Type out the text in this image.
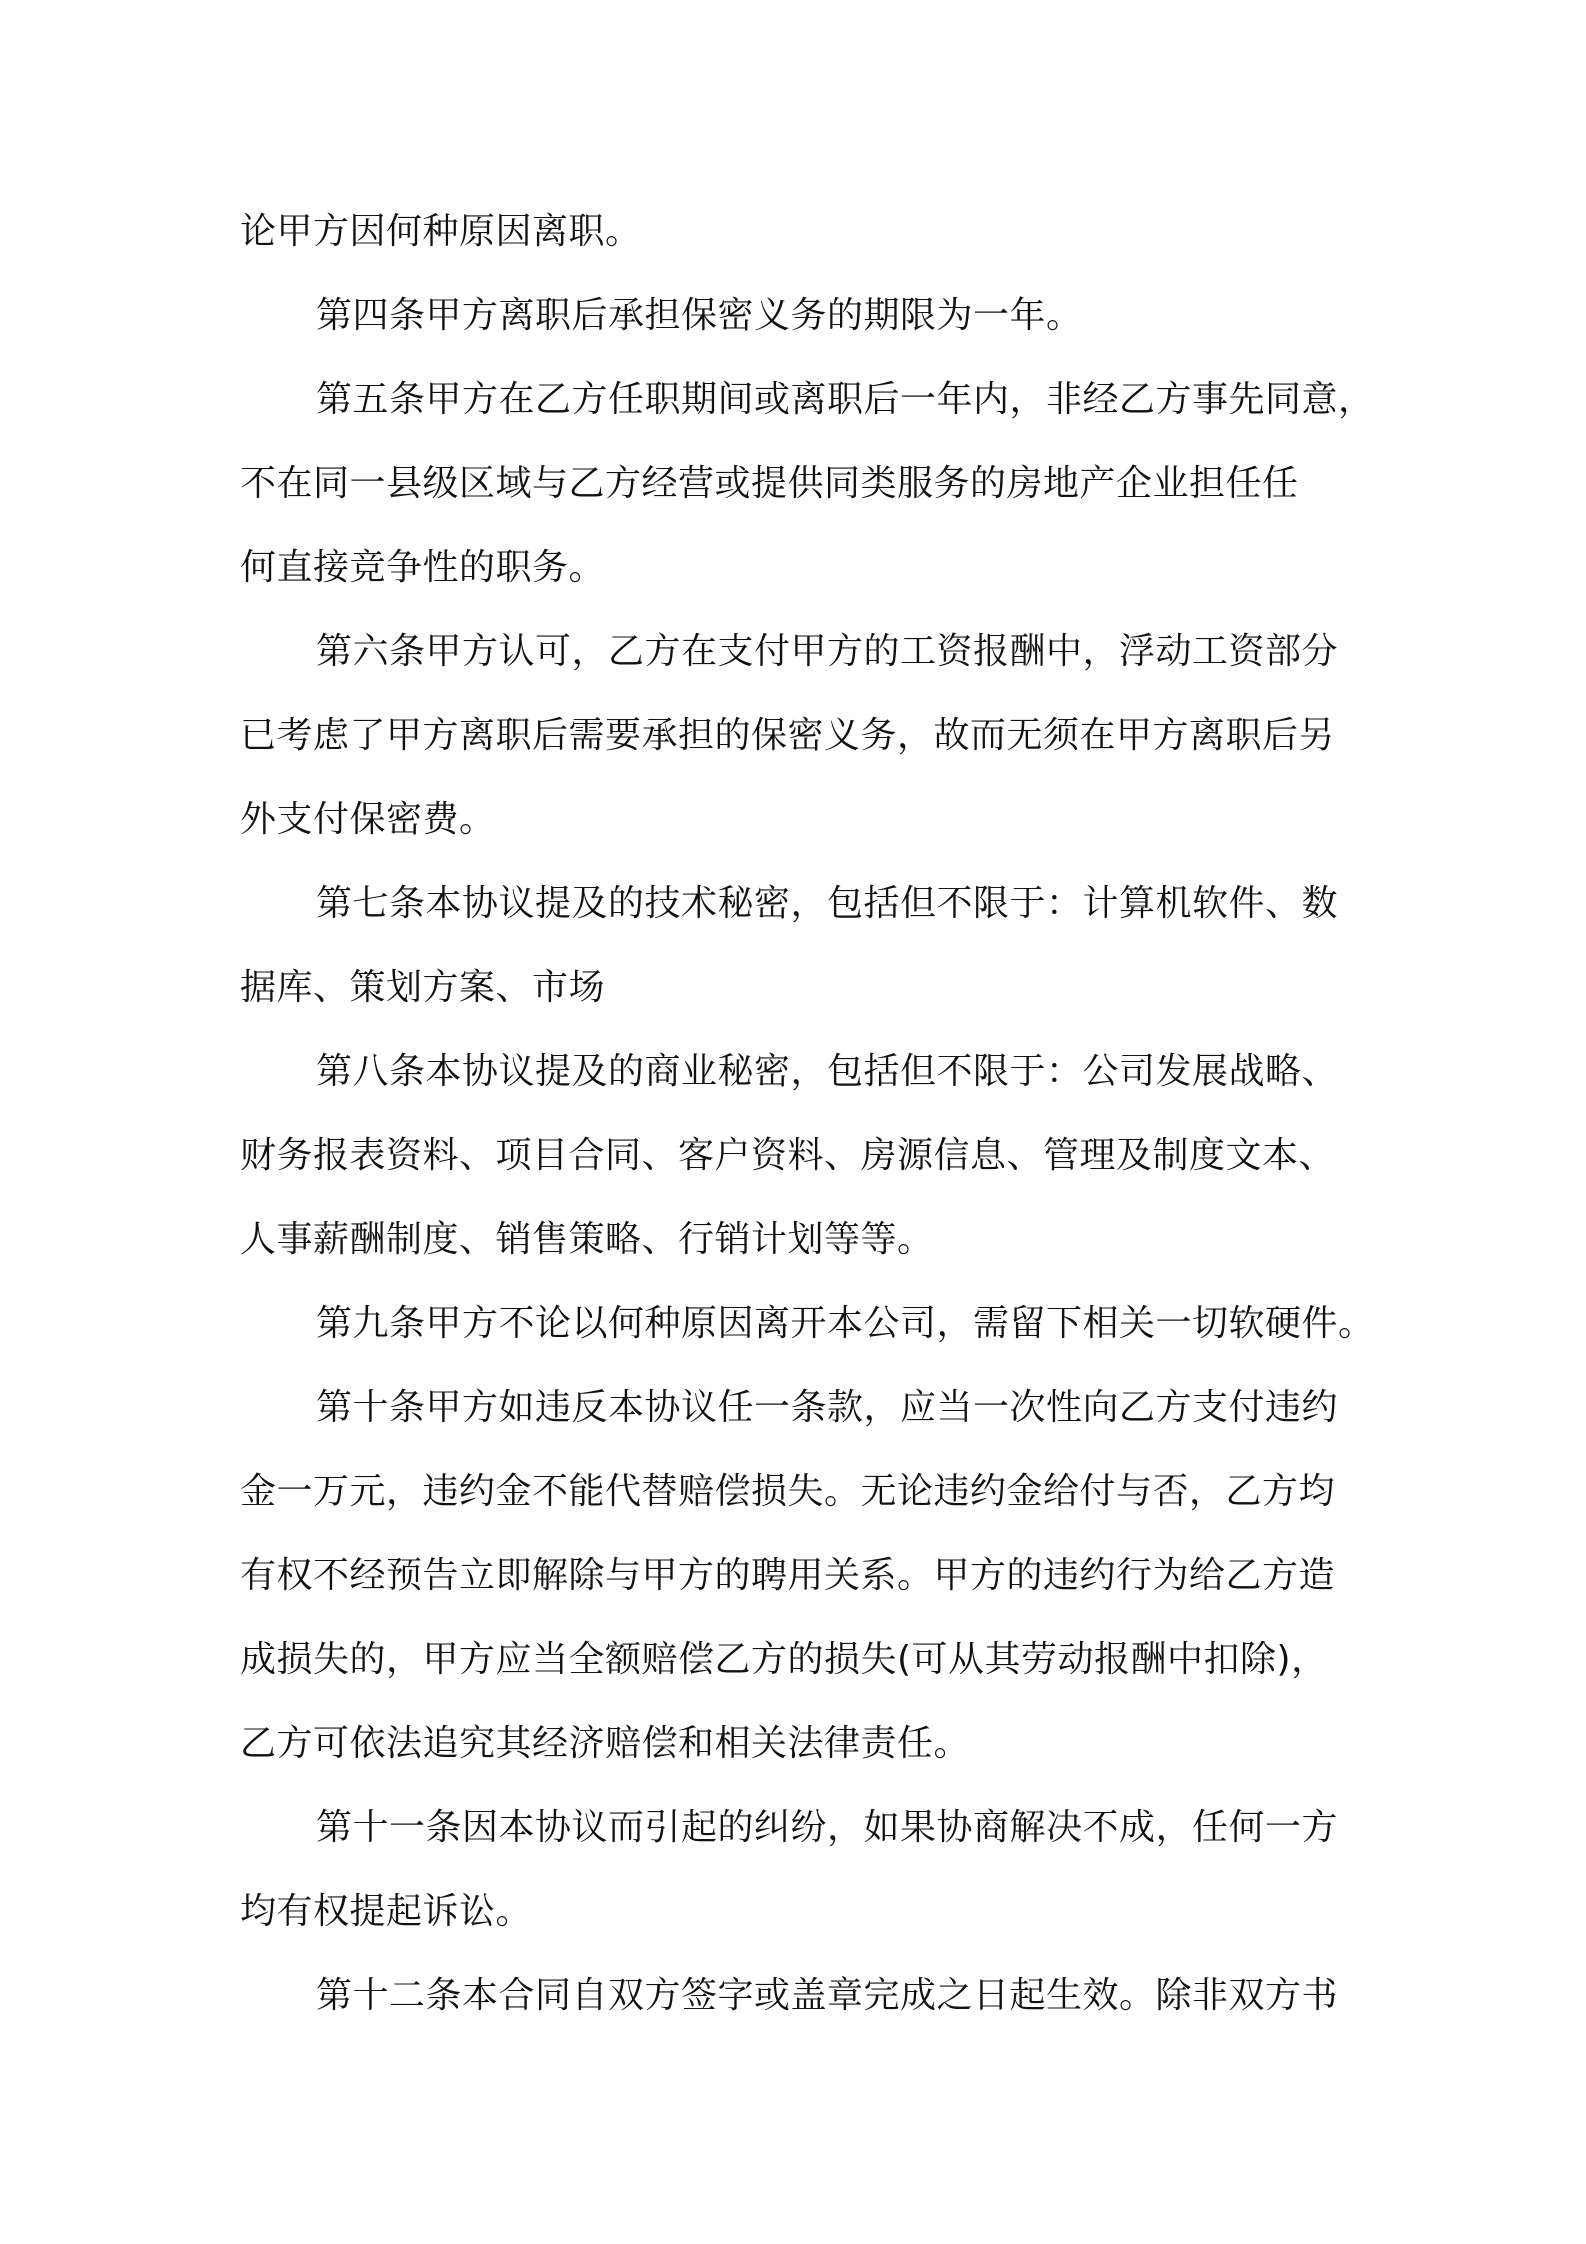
论甲方因何种原因离职。
第四条甲方离职后承担保密义务的期限为一年。
第五条甲方在乙方任职期间或离职后一年内，非经乙方事先同意，
不在同一县级区域与乙方经营或提供同类服务的房地产企业担任任
何直接竞争性的职务。
第六条甲方认可，乙方在支付甲方的工资报酬中，浮动工资部分
已考虑了甲方离职后需要承担的保密义务，故而无须在甲方离职后另
外支付保密费。
第七条本协议提及的技术秘密，包括但不限于：计算机软件、数
据库、策划方案、市场
第八条本协议提及的商业秘密，包括但不限于：公司发展战略、
财务报表资料、项目合同、客户资料、房源信息、管理及制度文本、
人事薪酬制度、销售策略、行销计划等等。
第九条甲方不论以何种原因离开本公司，需留下相关一切软硬件。
第十条甲方如违反本协议任一条款，应当一次性向乙方支付违约
金一万元，违约金不能代替赔偿损失。无论违约金给付与否，乙方均
有权不经预告立即解除与甲方的聘用关系。甲方的违约行为给乙方造
成损失的，甲方应当全额赔偿乙方的损失(可从其劳动报酬中扣除)，
乙方可依法追究其经济赔偿和相关法律责任。
第十一条因本协议而引起的纠纷，如果协商解决不成，任何一方
均有权提起诉讼。
第十二条本合同自双方签字或盖章完成之日起生效。除非双方书
